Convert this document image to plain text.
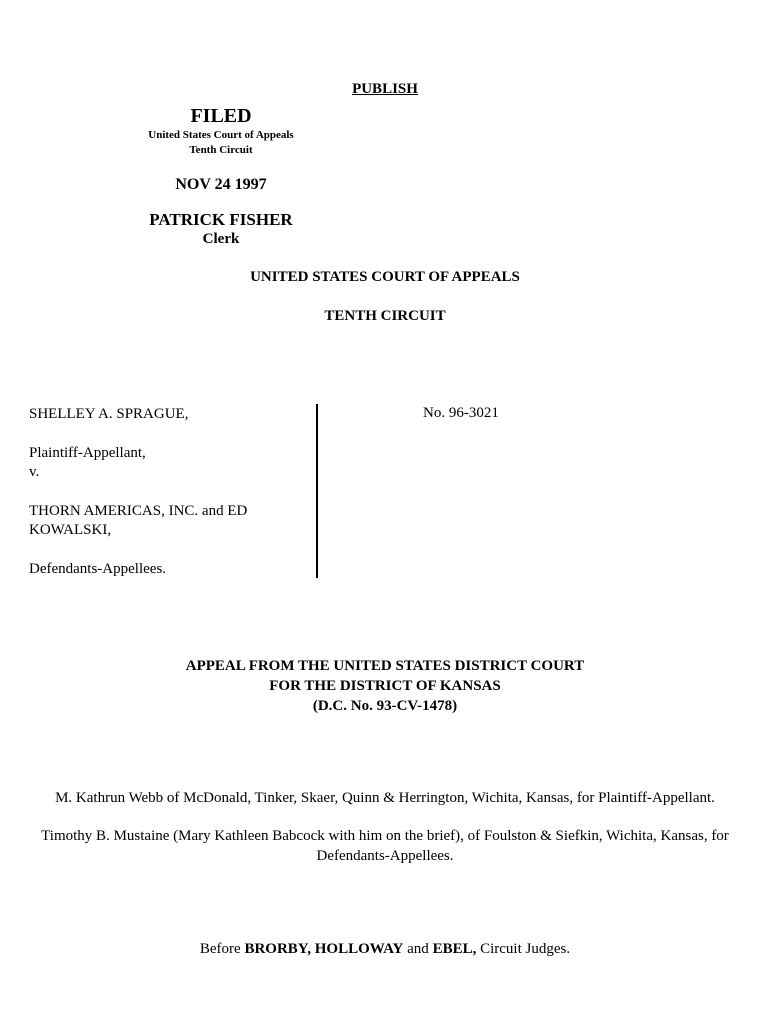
PUBLISH
FILED
United States Court of Appeals
Tenth Circuit
NOV 24 1997
PATRICK FISHER
Clerk
UNITED STATES COURT OF APPEALS
TENTH CIRCUIT
SHELLEY A. SPRAGUE,
Plaintiff-Appellant,
v.
THORN AMERICAS, INC. and ED
KOWALSKI,
Defendants-Appellees.
No. 96-3021
APPEAL FROM THE UNITED STATES DISTRICT COURT
FOR THE DISTRICT OF KANSAS
(D.C. No. 93-CV-1478)
M. Kathrun Webb of McDonald, Tinker, Skaer, Quinn & Herrington, Wichita, Kansas, for Plaintiff-Appellant.
Timothy B. Mustaine (Mary Kathleen Babcock with him on the brief), of Foulston & Siefkin, Wichita, Kansas, for Defendants-Appellees.
Before BRORBY, HOLLOWAY and EBEL, Circuit Judges.
